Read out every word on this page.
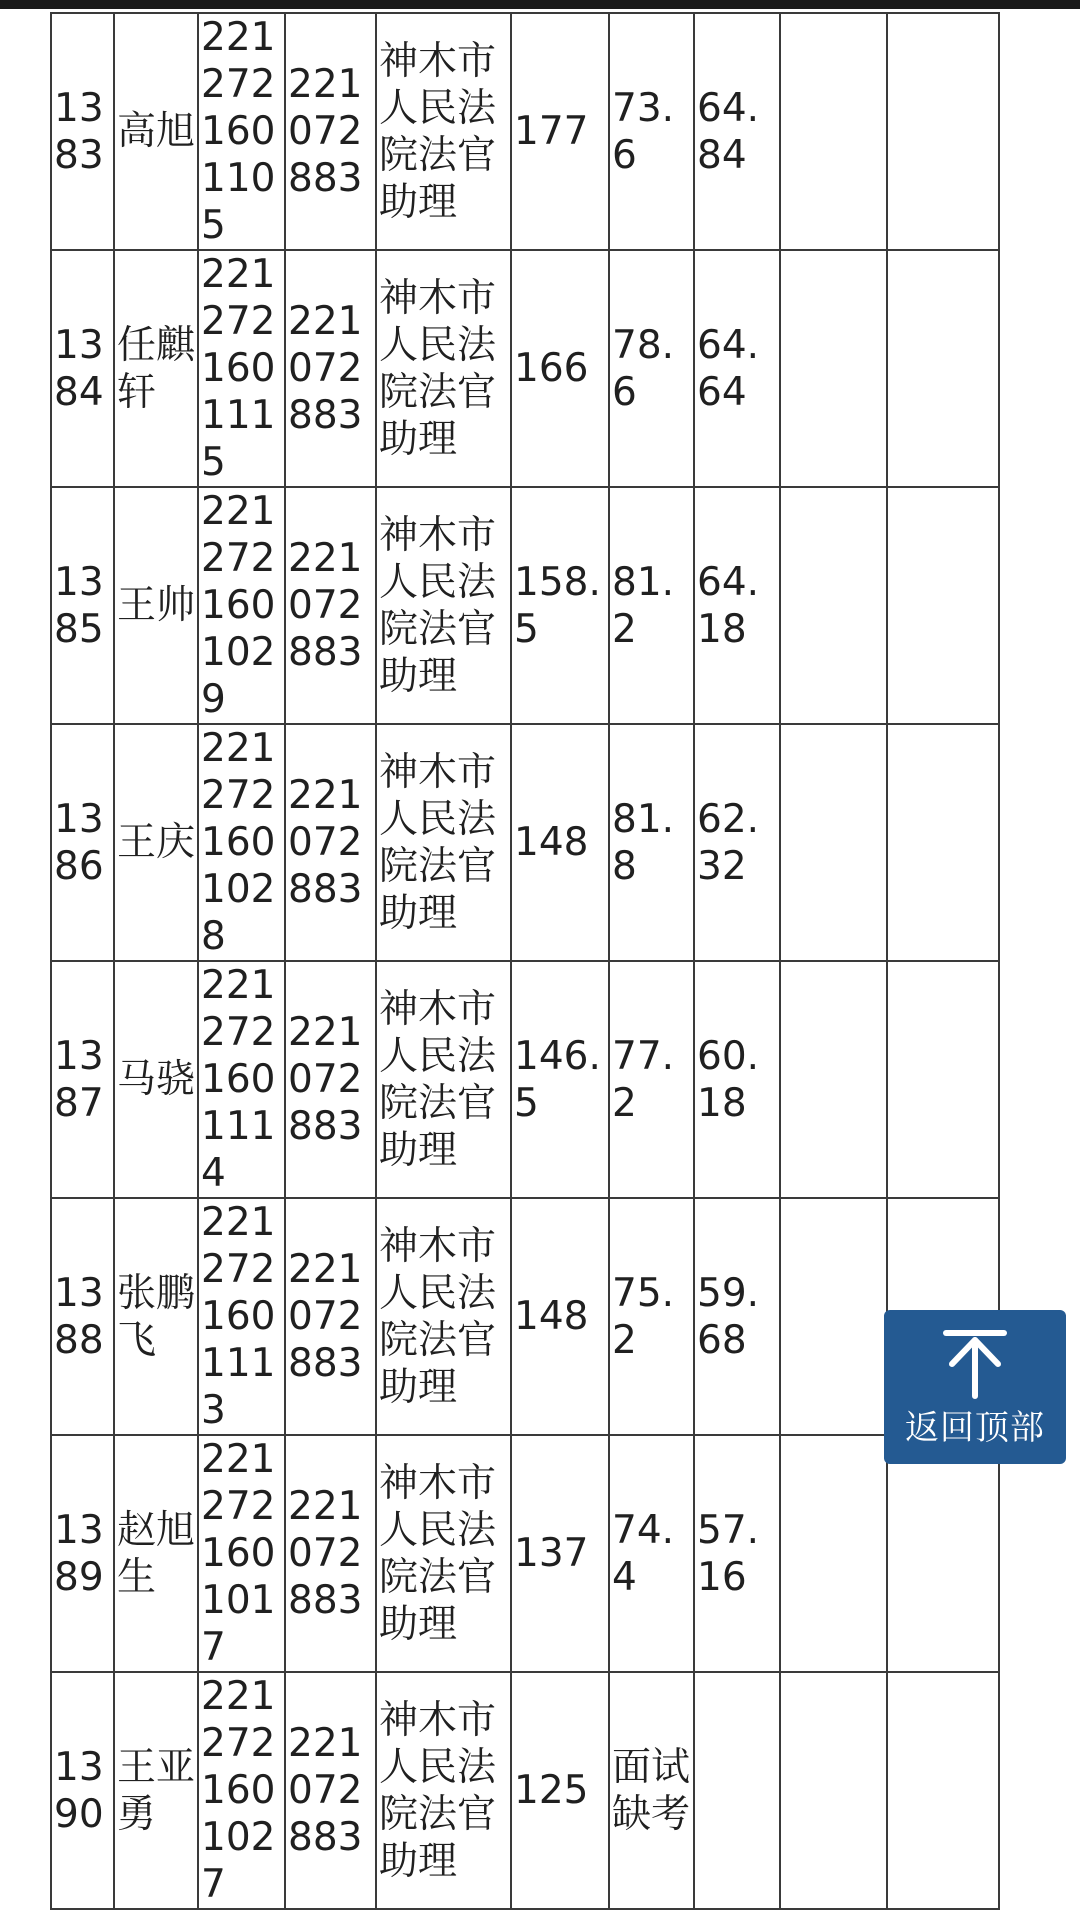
1383	高旭	2212721601105	221072883	神木市人民法院法官助理	177	73.6	64.84		
1384	任麒轩	2212721601115	221072883	神木市人民法院法官助理	166	78.6	64.64		
1385	王帅	2212721601029	221072883	神木市人民法院法官助理	158.5	81.2	64.18		
1386	王庆	2212721601028	221072883	神木市人民法院法官助理	148	81.8	62.32		
1387	马骁	2212721601114	221072883	神木市人民法院法官助理	146.5	77.2	60.18		
1388	张鹏飞	2212721601113	221072883	神木市人民法院法官助理	148	75.2	59.68		
1389	赵旭生	2212721601017	221072883	神木市人民法院法官助理	137	74.4	57.16		
1390	王亚勇	2212721601027	221072883	神木市人民法院法官助理	125	面试缺考			
返回顶部
